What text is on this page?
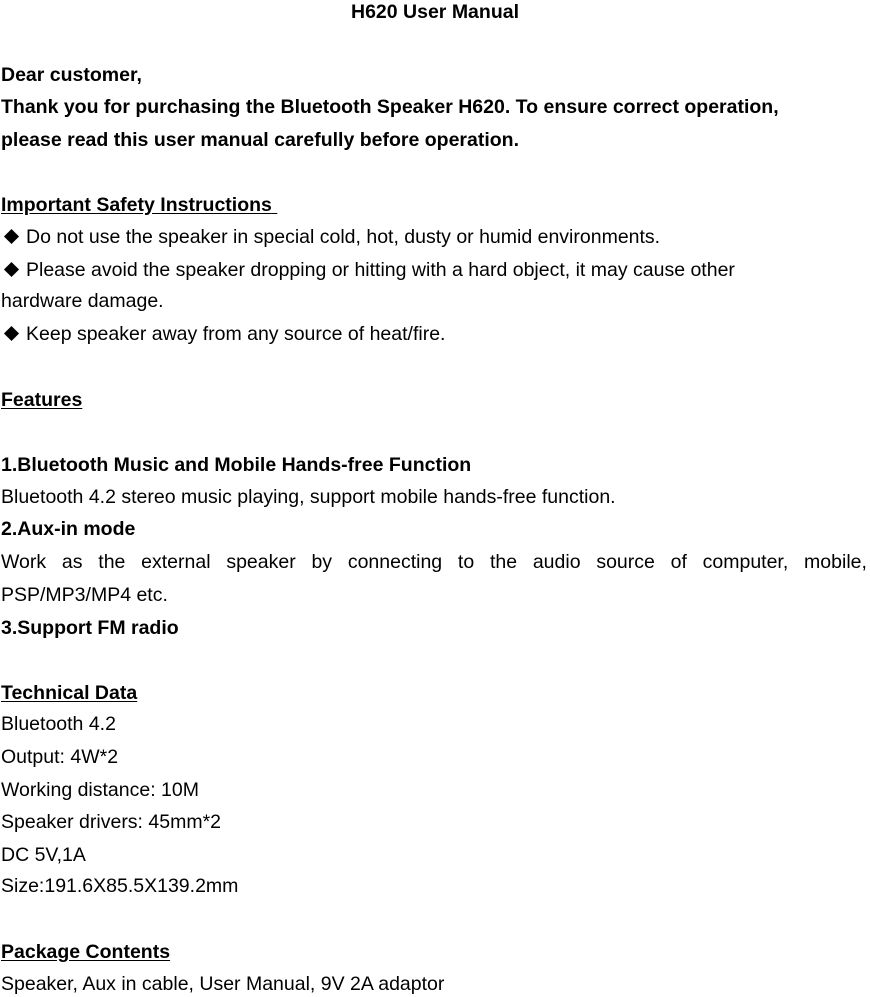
H620 User Manual
Dear customer,
Thank you for purchasing the Bluetooth Speaker H620. To ensure correct operation,
please read this user manual carefully before operation.
Important Safety Instructions
Do not use the speaker in special cold, hot, dusty or humid environments.
Please avoid the speaker dropping or hitting with a hard object, it may cause other
hardware damage.
Keep speaker away from any source of heat/fire.
Features
1.Bluetooth Music and Mobile Hands-free Function
Bluetooth 4.2 stereo music playing, support mobile hands-free function.
2.Aux-in mode
Work as the external speaker by connecting to the audio source of computer, mobile,
PSP/MP3/MP4 etc.
3.Support FM radio
Technical Data
Bluetooth 4.2
Output: 4W*2
Working distance: 10M
Speaker drivers: 45mm*2
DC 5V,1A
Size:191.6X85.5X139.2mm
Package Contents
Speaker, Aux in cable, User Manual, 9V 2A adaptor
